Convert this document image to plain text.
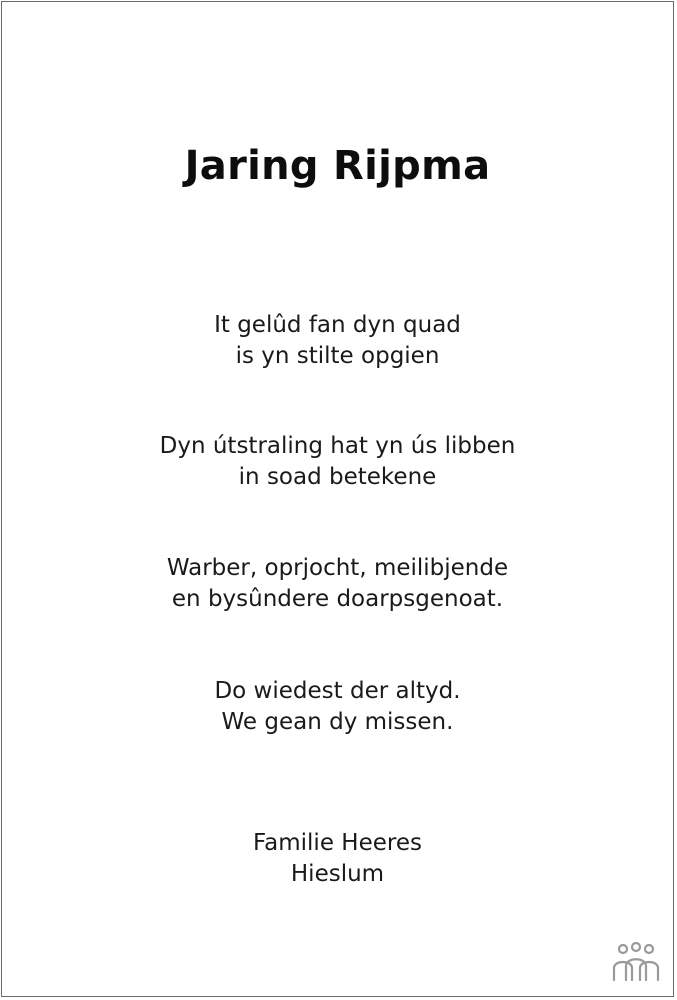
Jaring Rijpma
It gelûd fan dyn quad
is yn stilte opgien
Dyn útstraling hat yn ús libben
in soad betekene
Warber, oprjocht, meilibjende
en bysûndere doarpsgenoat.
Do wiedest der altyd.
We gean dy missen.
Familie Heeres
Hieslum
